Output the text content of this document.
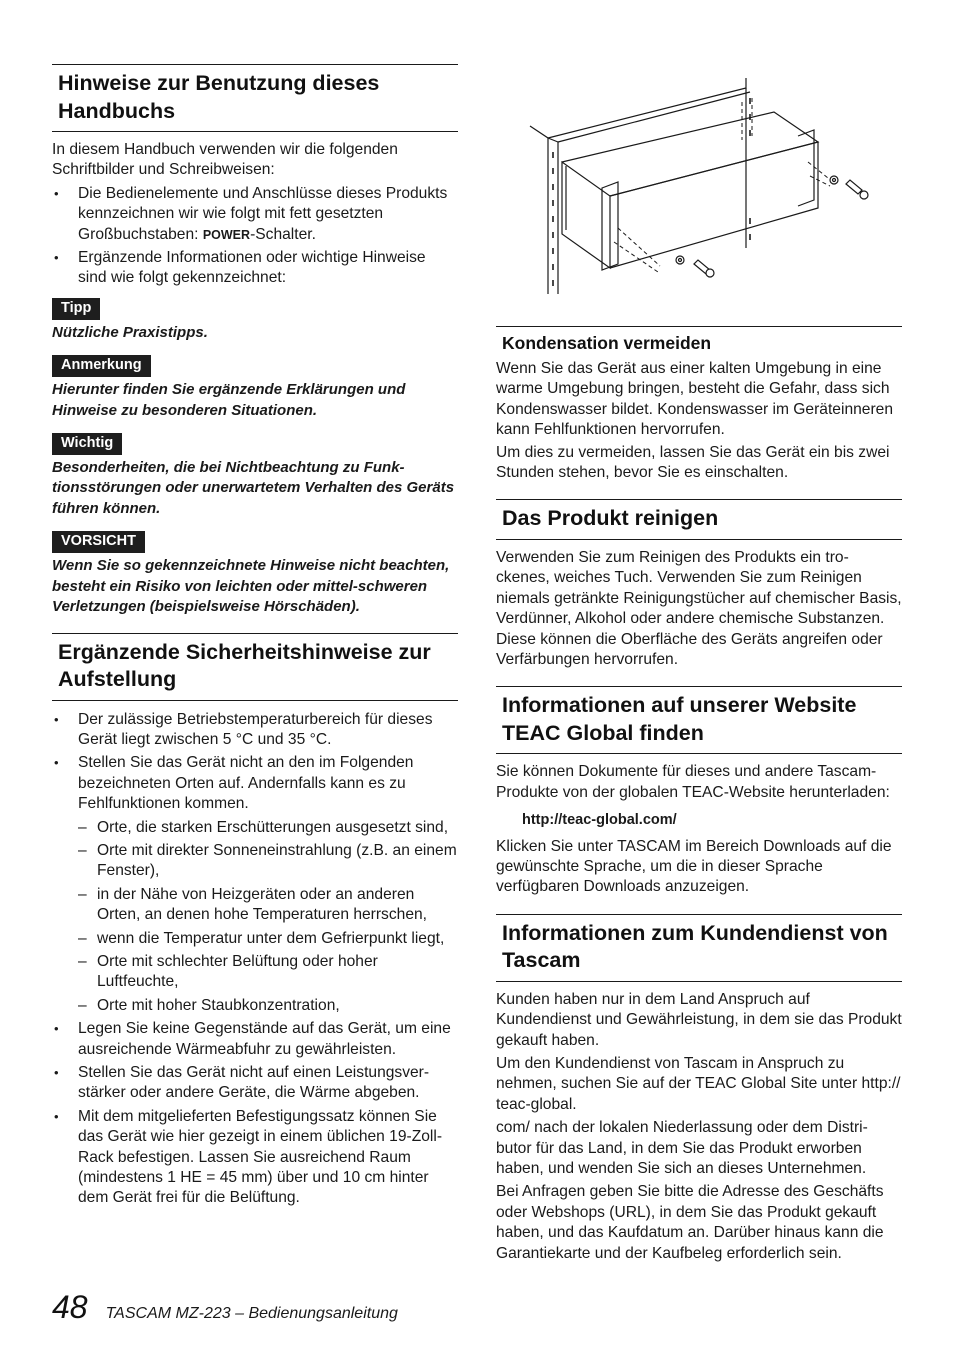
Hinweise zur Benutzung dieses Handbuchs

In diesem Handbuch verwenden wir die folgenden Schriftbilder und Schreibweisen:

• Die Bedienelemente und Anschlüsse dieses Produkts kennzeichnen wir wie folgt mit fett gesetzten Großbuchstaben: POWER-Schalter.
• Ergänzende Informationen oder wichtige Hinweise sind wie folgt gekennzeichnet:
Tipp

Nützliche Praxistipps.

Anmerkung

Hierunter finden Sie ergänzende Erklärungen und Hinweise zu besonderen Situationen.

Wichtig

Besonderheiten, die bei Nichtbeachtung zu Funk-tionsstörungen oder unerwartetem Verhalten des Geräts führen können.

VORSICHT

Wenn Sie so gekennzeichnete Hinweise nicht beachten, besteht ein Risiko von leichten oder mittel-schweren Verletzungen (beispielsweise Hörschäden).

Ergänzende Sicherheitshinweise zur Aufstellung
• Der zulässige Betriebstemperaturbereich für dieses Gerät liegt zwischen 5 °C und 35 °C.
• Stellen Sie das Gerät nicht an den im Folgenden bezeichneten Orten auf. Andernfalls kann es zu Fehlfunktionen kommen.
– Orte, die starken Erschütterungen ausgesetzt sind,
– Orte mit direkter Sonneneinstrahlung (z.B. an einem Fenster),
– in der Nähe von Heizgeräten oder an anderen Orten, an denen hohe Temperaturen herrschen,
– wenn die Temperatur unter dem Gefrierpunkt liegt,
– Orte mit schlechter Belüftung oder hoher Luftfeuchte,
– Orte mit hoher Staubkonzentration,
• Legen Sie keine Gegenstände auf das Gerät, um eine ausreichende Wärmeabfuhr zu gewährleisten.
• Stellen Sie das Gerät nicht auf einen Leistungsver-stärker oder andere Geräte, die Wärme abgeben.
• Mit dem mitgelieferten Befestigungssatz können Sie das Gerät wie hier gezeigt in einem üblichen 19-Zoll-Rack befestigen. Lassen Sie ausreichend Raum (mindestens 1 HE = 45 mm) über und 10 cm hinter dem Gerät frei für die Belüftung.
Kondensation vermeiden

Wenn Sie das Gerät aus einer kalten Umgebung in eine warme Umgebung bringen, besteht die Gefahr, dass sich Kondenswasser bildet. Kondenswasser im Geräteinneren kann Fehlfunktionen hervorrufen.

Um dies zu vermeiden, lassen Sie das Gerät ein bis zwei Stunden stehen, bevor Sie es einschalten.

Das Produkt reinigen

Verwenden Sie zum Reinigen des Produkts ein tro-ckenes, weiches Tuch. Verwenden Sie zum Reinigen niemals getränkte Reinigungstücher auf chemischer Basis, Verdünner, Alkohol oder andere chemische Substanzen. Diese können die Oberfläche des Geräts angreifen oder Verfärbungen hervorrufen.

Informationen auf unserer Website TEAC Global finden

Sie können Dokumente für dieses und andere Tascam-Produkte von der globalen TEAC-Website herunterladen:

http://teac-global.com/

Klicken Sie unter TASCAM im Bereich Downloads auf die gewünschte Sprache, um die in dieser Sprache verfügbaren Downloads anzuzeigen.

Informationen zum Kundendienst von Tascam

Kunden haben nur in dem Land Anspruch auf Kundendienst und Gewährleistung, in dem sie das Produkt gekauft haben.

Um den Kundendienst von Tascam in Anspruch zu nehmen, suchen Sie auf der TEAC Global Site unter http:// teac-global.

com/ nach der lokalen Niederlassung oder dem Distri-butor für das Land, in dem Sie das Produkt erworben haben, und wenden Sie sich an dieses Unternehmen.

Bei Anfragen geben Sie bitte die Adresse des Geschäfts oder Webshops (URL), in dem Sie das Produkt gekauft haben, und das Kaufdatum an. Darüber hinaus kann die Garantiekarte und der Kaufbeleg erforderlich sein.

48 TASCAM MZ-223 – Bedienungsanleitung
